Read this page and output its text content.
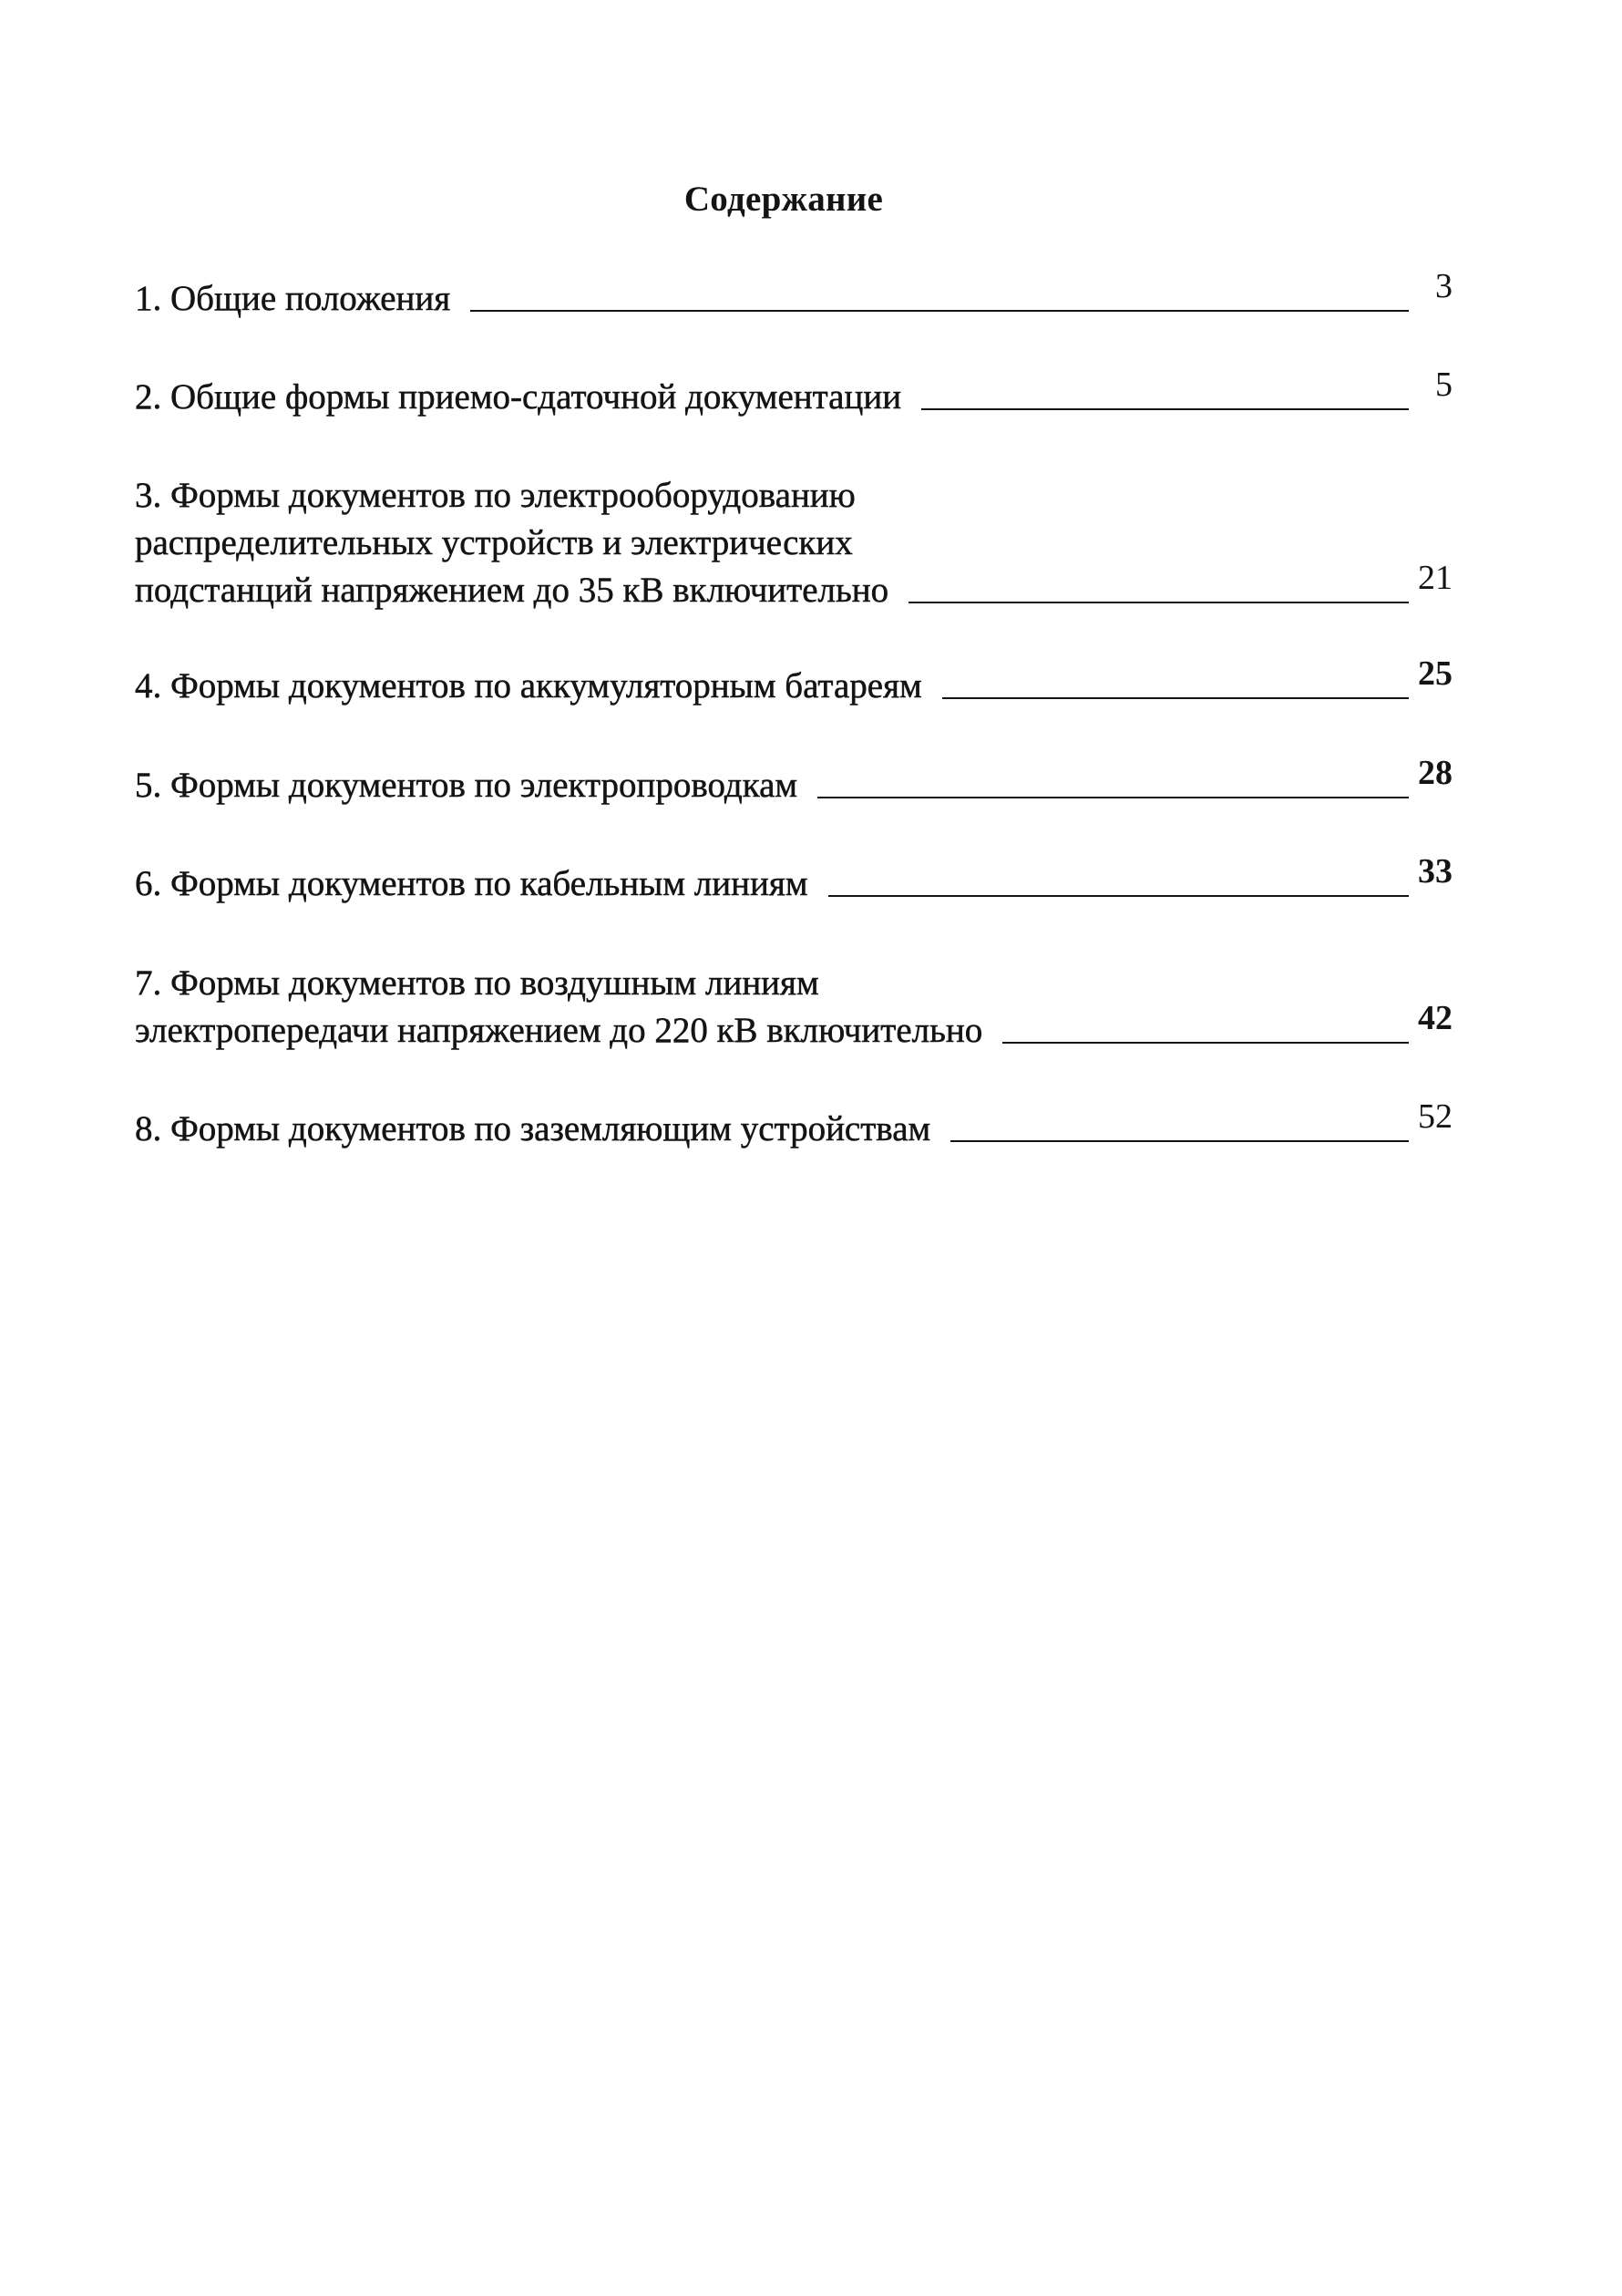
Содержание
1. Общие положения	3
2. Общие формы приемо-сдаточной документации	5
3. Формы документов по электрооборудованию
распределительных устройств и электрических
подстанций напряжением до 35 кВ включительно	21
4. Формы документов по аккумуляторным батареям	25
5. Формы документов по электропроводкам	28
6. Формы документов по кабельным линиям	33
7. Формы документов по воздушным линиям
электропередачи напряжением до 220 кВ включительно	42
8. Формы документов по заземляющим устройствам	52
